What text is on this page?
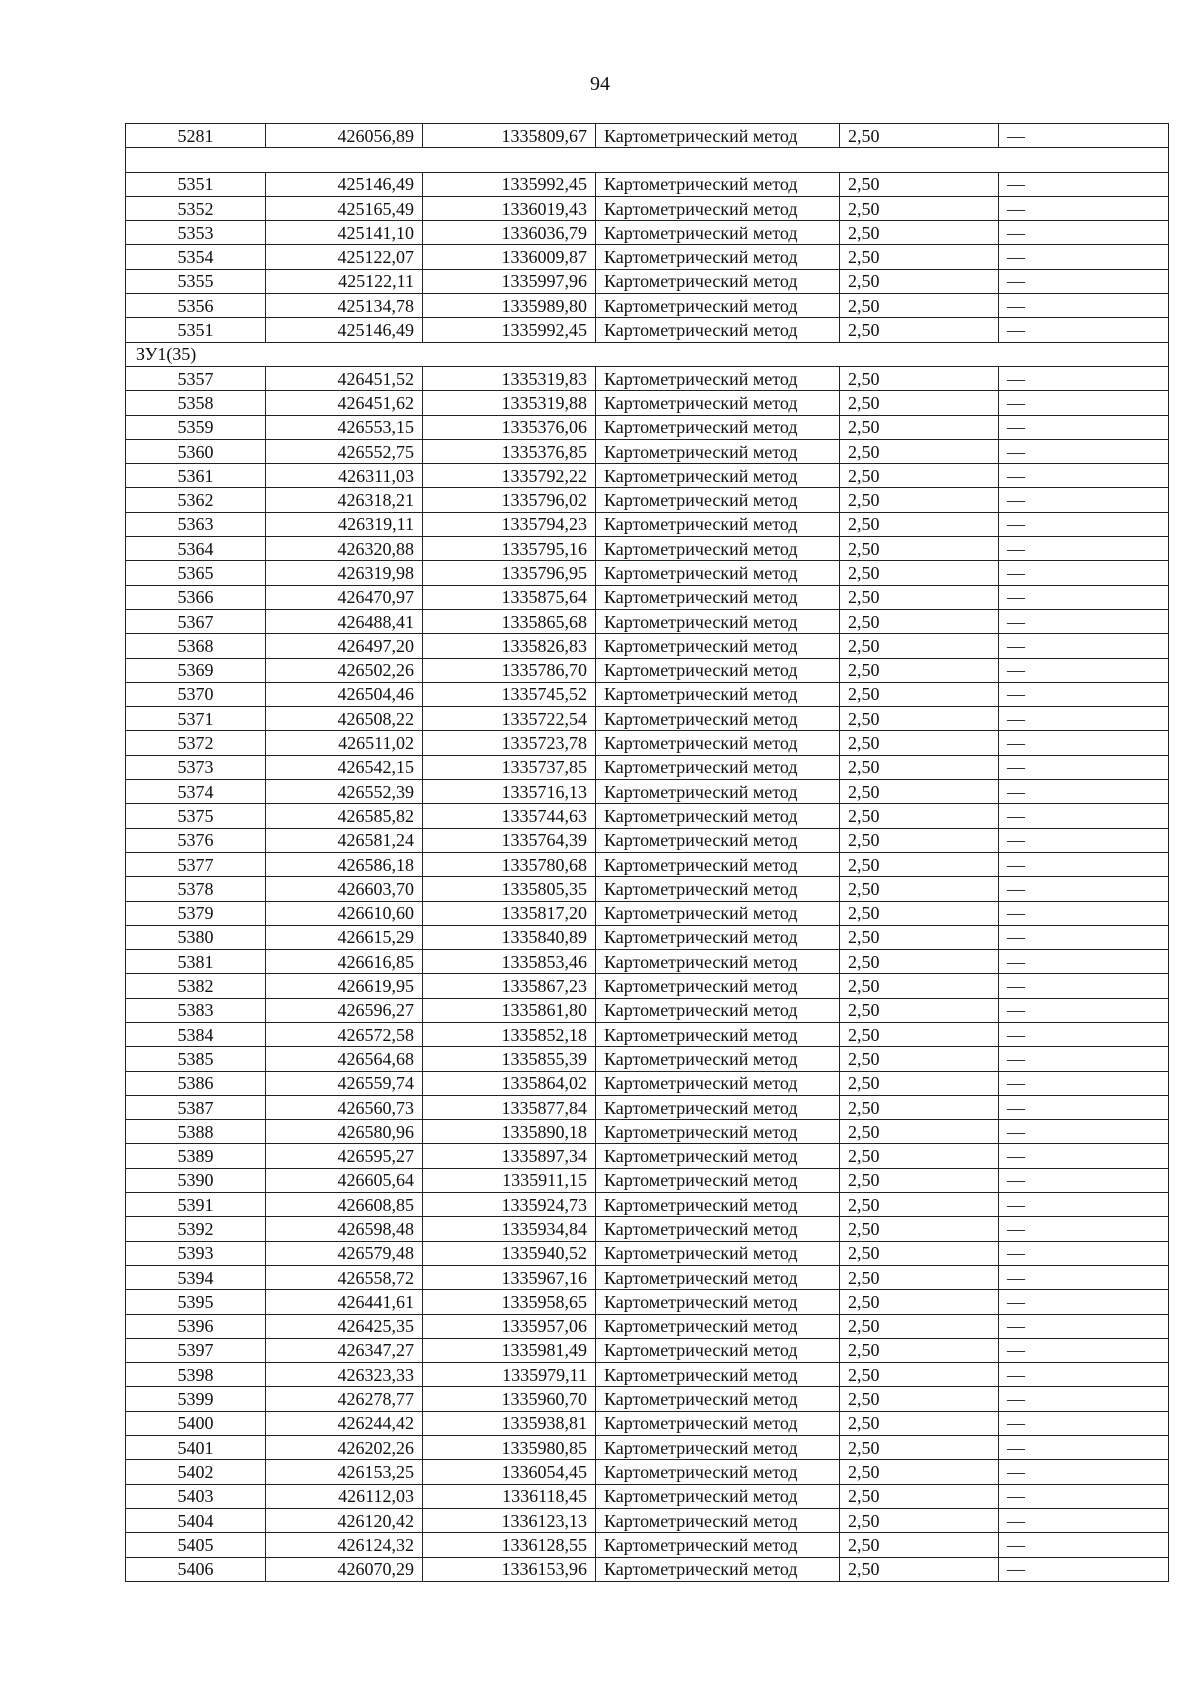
94
5281	426056,89	1335809,67	Картометрический метод	2,50	—

5351	425146,49	1335992,45	Картометрический метод	2,50	—
5352	425165,49	1336019,43	Картометрический метод	2,50	—
5353	425141,10	1336036,79	Картометрический метод	2,50	—
5354	425122,07	1336009,87	Картометрический метод	2,50	—
5355	425122,11	1335997,96	Картометрический метод	2,50	—
5356	425134,78	1335989,80	Картометрический метод	2,50	—
5351	425146,49	1335992,45	Картометрический метод	2,50	—
ЗУ1(35)					
5357	426451,52	1335319,83	Картометрический метод	2,50	—
5358	426451,62	1335319,88	Картометрический метод	2,50	—
5359	426553,15	1335376,06	Картометрический метод	2,50	—
5360	426552,75	1335376,85	Картометрический метод	2,50	—
5361	426311,03	1335792,22	Картометрический метод	2,50	—
5362	426318,21	1335796,02	Картометрический метод	2,50	—
5363	426319,11	1335794,23	Картометрический метод	2,50	—
5364	426320,88	1335795,16	Картометрический метод	2,50	—
5365	426319,98	1335796,95	Картометрический метод	2,50	—
5366	426470,97	1335875,64	Картометрический метод	2,50	—
5367	426488,41	1335865,68	Картометрический метод	2,50	—
5368	426497,20	1335826,83	Картометрический метод	2,50	—
5369	426502,26	1335786,70	Картометрический метод	2,50	—
5370	426504,46	1335745,52	Картометрический метод	2,50	—
5371	426508,22	1335722,54	Картометрический метод	2,50	—
5372	426511,02	1335723,78	Картометрический метод	2,50	—
5373	426542,15	1335737,85	Картометрический метод	2,50	—
5374	426552,39	1335716,13	Картометрический метод	2,50	—
5375	426585,82	1335744,63	Картометрический метод	2,50	—
5376	426581,24	1335764,39	Картометрический метод	2,50	—
5377	426586,18	1335780,68	Картометрический метод	2,50	—
5378	426603,70	1335805,35	Картометрический метод	2,50	—
5379	426610,60	1335817,20	Картометрический метод	2,50	—
5380	426615,29	1335840,89	Картометрический метод	2,50	—
5381	426616,85	1335853,46	Картометрический метод	2,50	—
5382	426619,95	1335867,23	Картометрический метод	2,50	—
5383	426596,27	1335861,80	Картометрический метод	2,50	—
5384	426572,58	1335852,18	Картометрический метод	2,50	—
5385	426564,68	1335855,39	Картометрический метод	2,50	—
5386	426559,74	1335864,02	Картометрический метод	2,50	—
5387	426560,73	1335877,84	Картометрический метод	2,50	—
5388	426580,96	1335890,18	Картометрический метод	2,50	—
5389	426595,27	1335897,34	Картометрический метод	2,50	—
5390	426605,64	1335911,15	Картометрический метод	2,50	—
5391	426608,85	1335924,73	Картометрический метод	2,50	—
5392	426598,48	1335934,84	Картометрический метод	2,50	—
5393	426579,48	1335940,52	Картометрический метод	2,50	—
5394	426558,72	1335967,16	Картометрический метод	2,50	—
5395	426441,61	1335958,65	Картометрический метод	2,50	—
5396	426425,35	1335957,06	Картометрический метод	2,50	—
5397	426347,27	1335981,49	Картометрический метод	2,50	—
5398	426323,33	1335979,11	Картометрический метод	2,50	—
5399	426278,77	1335960,70	Картометрический метод	2,50	—
5400	426244,42	1335938,81	Картометрический метод	2,50	—
5401	426202,26	1335980,85	Картометрический метод	2,50	—
5402	426153,25	1336054,45	Картометрический метод	2,50	—
5403	426112,03	1336118,45	Картометрический метод	2,50	—
5404	426120,42	1336123,13	Картометрический метод	2,50	—
5405	426124,32	1336128,55	Картометрический метод	2,50	—
5406	426070,29	1336153,96	Картометрический метод	2,50	—
